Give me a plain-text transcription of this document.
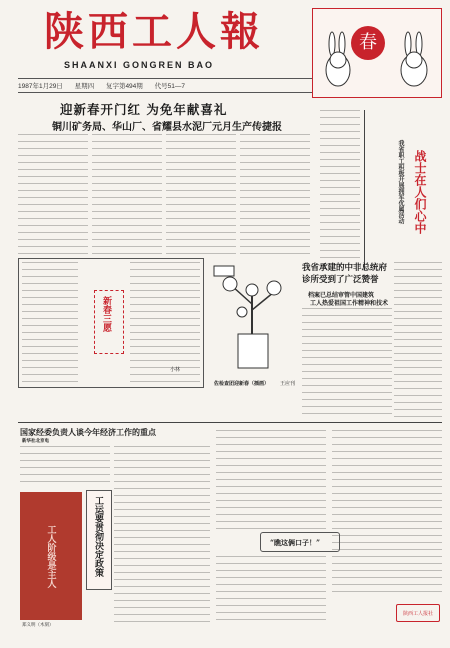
陕西工人報
SHAANXI GONGREN BAO
1987年1月29日 星期四 复字第494期 代号51—7
春
迎新春开门红 为免年献喜礼
铜川矿务局、华山厂、省耀县水泥厂元月生产传捷报
战士在人们心中
我省职工积极开展拥军优属活动
新春三愿
小林
佐检查团迎新春（插画） 王应刊
我省承建的中非总统府
诊所受到了广泛赞誉
档案已总结审管中国建筑
工人热爱祖国工作精神和技术
国家经委负责人谈今年经济工作的重点
新华社北京电
工人阶级是主人
郑义明（木刻）
工运要贯彻决定政策	“瞧这俩口子！”
陕西工人报社
